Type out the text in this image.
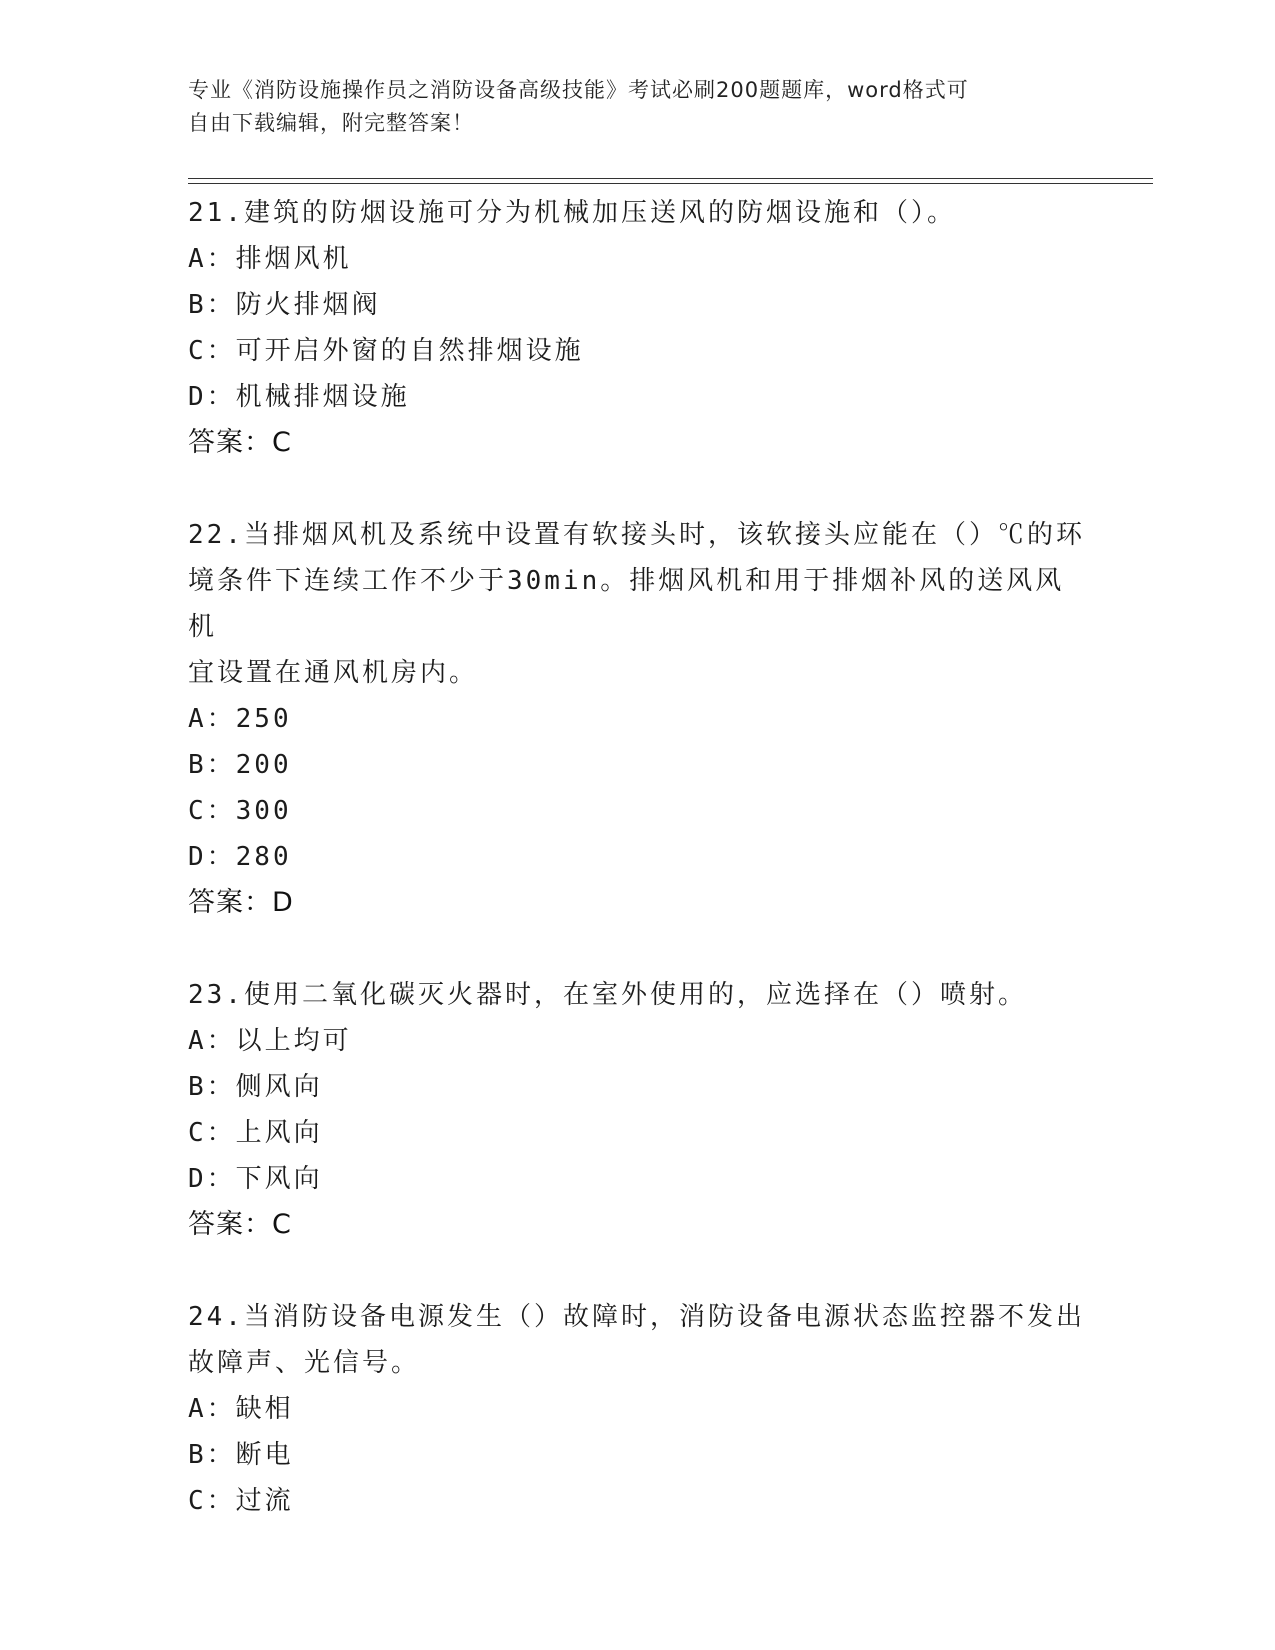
专业《消防设施操作员之消防设备高级技能》考试必刷200题题库，word格式可
自由下载编辑，附完整答案！

21.建筑的防烟设施可分为机械加压送风的防烟设施和（）。

A：排烟风机
B：防火排烟阀
C：可开启外窗的自然排烟设施
D：机械排烟设施
答案：C

22.当排烟风机及系统中设置有软接头时，该软接头应能在（）℃的环

境条件下连续工作不少于30min。排烟风机和用于排烟补风的送风风机

宜设置在通风机房内。

A：250
B：200
C：300
D：280
答案：D

23.使用二氧化碳灭火器时，在室外使用的，应选择在（）喷射。

A：以上均可
B：侧风向
C：上风向
D：下风向
答案：C

24.当消防设备电源发生（）故障时，消防设备电源状态监控器不发出

故障声、光信号。

A：缺相
B：断电
C：过流
